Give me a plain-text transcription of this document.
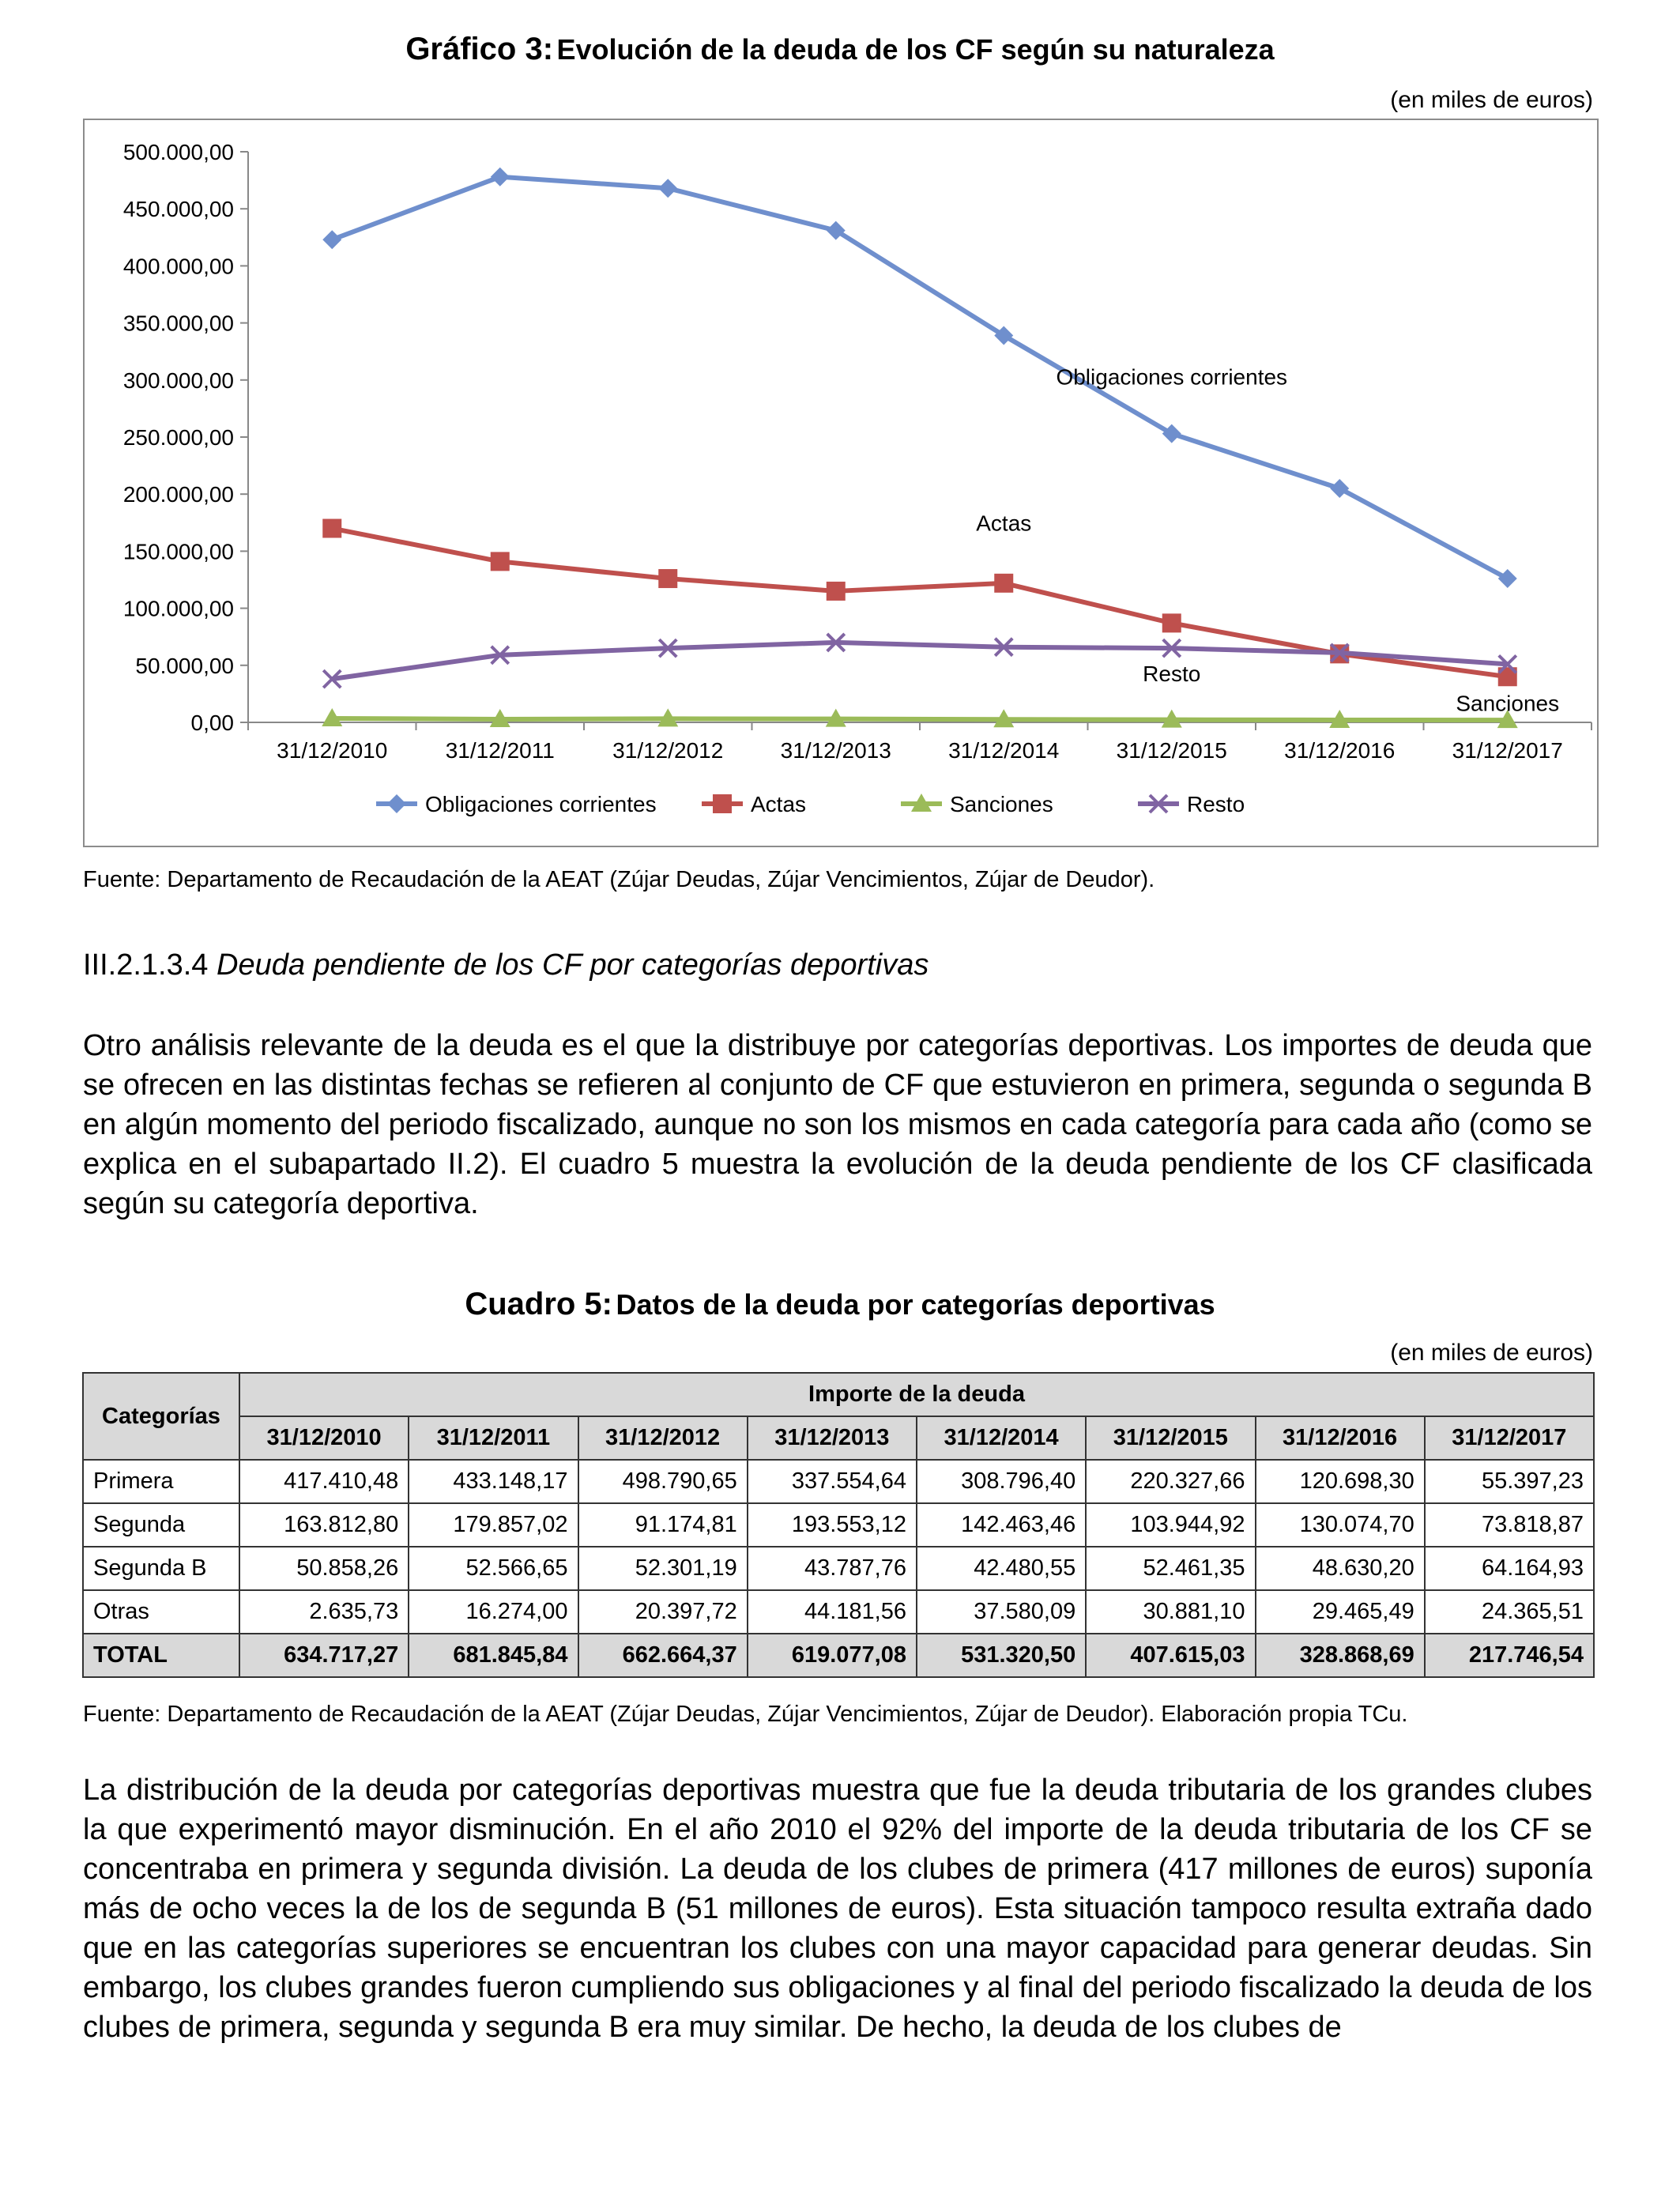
Gráfico 3: Evolución de la deuda de los CF según su naturaleza
(en miles de euros)
0,00
50.000,00
100.000,00
150.000,00
200.000,00
250.000,00
300.000,00
350.000,00
400.000,00
450.000,00
500.000,00
31/12/2010	31/12/2011	31/12/2012	31/12/2013	31/12/2014	31/12/2015	31/12/2016	31/12/2017
Obligaciones corrientes
Actas
Resto
Sanciones
Obligaciones corrientes	Actas	Sanciones	Resto
Fuente: Departamento de Recaudación de la AEAT (Zújar Deudas, Zújar Vencimientos, Zújar de Deudor).
III.2.1.3.4 Deuda pendiente de los CF por categorías deportivas

Otro análisis relevante de la deuda es el que la distribuye por categorías deportivas. Los importes de deuda que se ofrecen en las distintas fechas se refieren al conjunto de CF que estuvieron en primera, segunda o segunda B en algún momento del periodo fiscalizado, aunque no son los mismos en cada categoría para cada año (como se explica en el subapartado II.2). El cuadro 5 muestra la evolución de la deuda pendiente de los CF clasificada según su categoría deportiva.

Cuadro 5: Datos de la deuda por categorías deportivas
(en miles de euros)
Categorías	Importe de la deuda							
	31/12/2010	31/12/2011	31/12/2012	31/12/2013	31/12/2014	31/12/2015	31/12/2016	31/12/2017
Primera	417.410,48	433.148,17	498.790,65	337.554,64	308.796,40	220.327,66	120.698,30	55.397,23
Segunda	163.812,80	179.857,02	91.174,81	193.553,12	142.463,46	103.944,92	130.074,70	73.818,87
Segunda B	50.858,26	52.566,65	52.301,19	43.787,76	42.480,55	52.461,35	48.630,20	64.164,93
Otras	2.635,73	16.274,00	20.397,72	44.181,56	37.580,09	30.881,10	29.465,49	24.365,51
TOTAL	634.717,27	681.845,84	662.664,37	619.077,08	531.320,50	407.615,03	328.868,69	217.746,54
Fuente: Departamento de Recaudación de la AEAT (Zújar Deudas, Zújar Vencimientos, Zújar de Deudor). Elaboración propia TCu.

La distribución de la deuda por categorías deportivas muestra que fue la deuda tributaria de los grandes clubes la que experimentó mayor disminución. En el año 2010 el 92% del importe de la deuda tributaria de los CF se concentraba en primera y segunda división. La deuda de los clubes de primera (417 millones de euros) suponía más de ocho veces la de los de segunda B (51 millones de euros). Esta situación tampoco resulta extraña dado que en las categorías superiores se encuentran los clubes con una mayor capacidad para generar deudas. Sin embargo, los clubes grandes fueron cumpliendo sus obligaciones y al final del periodo fiscalizado la deuda de los clubes de primera, segunda y segunda B era muy similar. De hecho, la deuda de los clubes de
